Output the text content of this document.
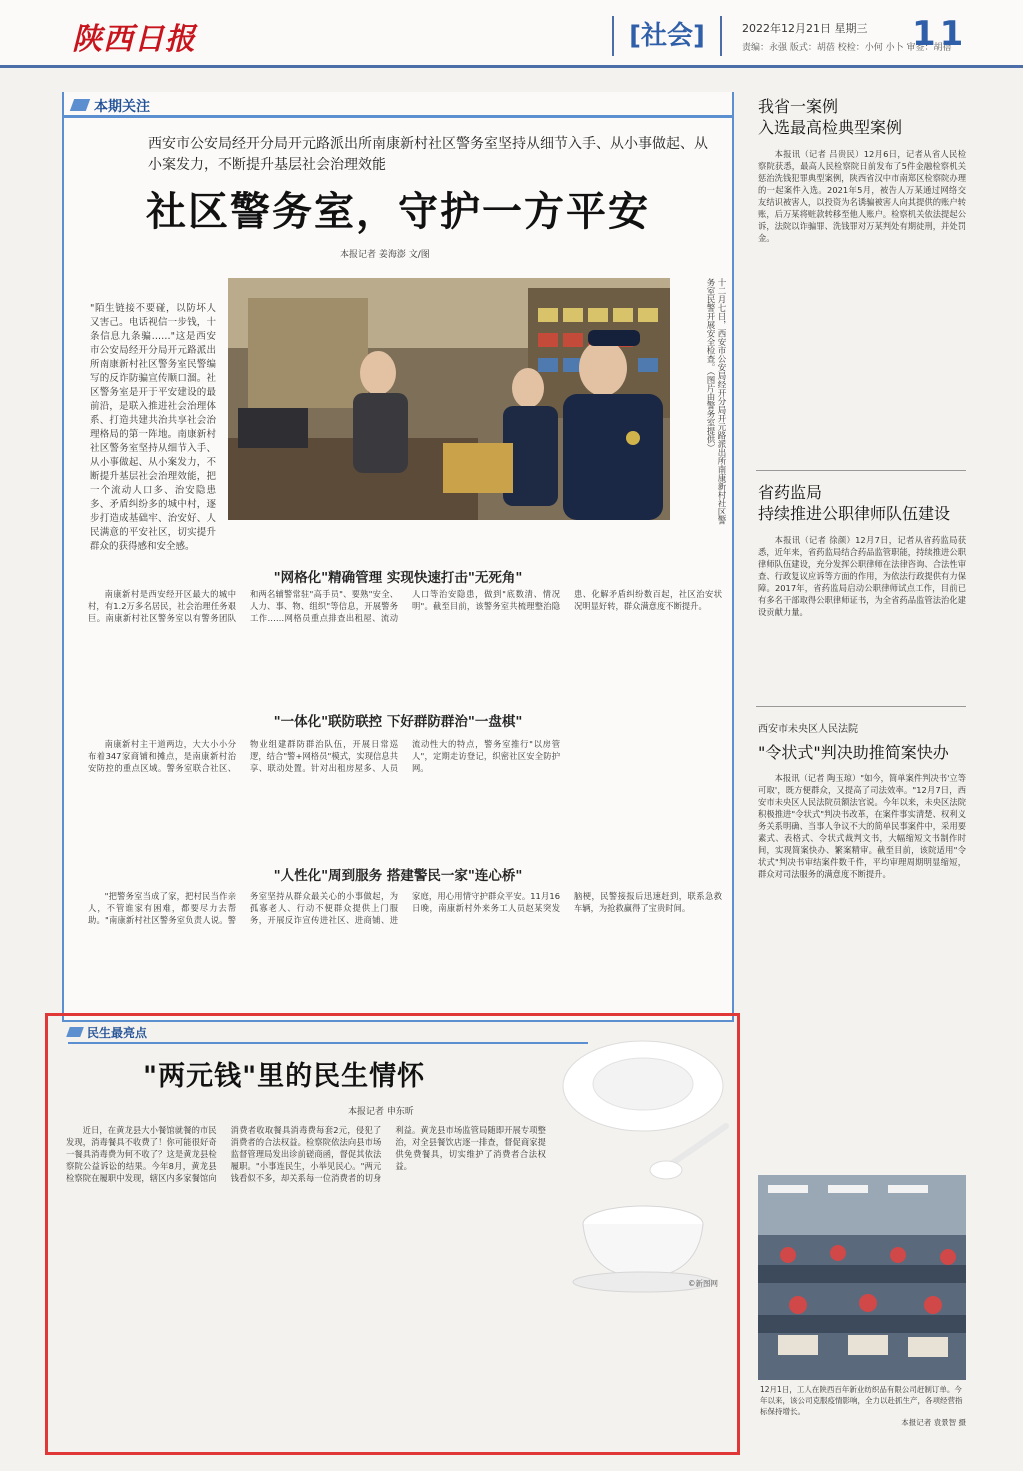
陕西日报	[社会]	2022年12月21日 星期三
责编：永强 版式：胡蓓 校检：小何 小卜 审签：胡蓓
11
本期关注
西安市公安局经开分局开元路派出所南康新村社区警务室坚持从细节入手、从小事做起、从小案发力，不断提升基层社会治理效能
社区警务室，守护一方平安
本报记者 姜海澎 文/图
"陌生链接不要碰，以防坏人又害己。电话视信一步钱，十条信息九条骗……"这是西安市公安局经开分局开元路派出所南康新村社区警务室民警编写的反诈防骗宣传顺口溜。社区警务室是开于平安建设的最前沿，是联入推进社会治理体系、打造共建共治共享社会治理格局的第一阵地。南康新村社区警务室坚持从细节入手、从小事做起、从小案发力，不断提升基层社会治理效能，把一个流动人口多、治安隐患多、矛盾纠纷多的城中村，逐步打造成基础牢、治安好、人民满意的平安社区，切实提升群众的获得感和安全感。
十二月七日，西安市公安局经开分局开元路派出所南康新村社区警务室民警开展安全检查。（图片由警务室提供）
"网格化"精确管理 实现快速打击"无死角"

南康新村是西安经开区最大的城中村，有1.2万多名居民，社会治理任务艰巨。南康新村社区警务室以有警务团队和两名辅警常驻"高手员"、要熟"安全、人力、事、物、组织"等信息，开展警务工作……网格员重点排查出租屋、流动人口等治安隐患，做到"底数清、情况明"。截至目前，该警务室共梳理整治隐患、化解矛盾纠纷数百起，社区治安状况明显好转，群众满意度不断提升。

"一体化"联防联控 下好群防群治"一盘棋"

南康新村主干道两边，大大小小分布着347家商铺和摊点，是南康新村治安防控的重点区域。警务室联合社区、物业组建群防群治队伍，开展日常巡逻，结合"警+网格员"模式，实现信息共享、联动处置。针对出租房屋多、人员流动性大的特点，警务室推行"以房管人"，定期走访登记，织密社区安全防护网。

"人性化"周到服务 搭建警民一家"连心桥"

"把警务室当成了家，把村民当作亲人，不管谁家有困难，都要尽力去帮助。"南康新村社区警务室负责人说。警务室坚持从群众最关心的小事做起，为孤寡老人、行动不便群众提供上门服务，开展反诈宣传进社区、进商铺、进家庭，用心用情守护群众平安。11月16日晚，南康新村外来务工人员赵某突发脑梗，民警接报后迅速赶到，联系急救车辆，为抢救赢得了宝贵时间。

民生最亮点
"两元钱"里的民生情怀
本报记者 申东昕
©新图网

近日，在黄龙县大小餐馆就餐的市民发现，消毒餐具不收费了！你可能很好奇一餐具消毒费为何不收了？这是黄龙县检察院公益诉讼的结果。今年8月，黄龙县检察院在履职中发现，辖区内多家餐馆向消费者收取餐具消毒费每套2元，侵犯了消费者的合法权益。检察院依法向县市场监督管理局发出诊前磋商函，督促其依法履职。"小事连民生，小举见民心。"两元钱看似不多，却关系每一位消费者的切身利益。黄龙县市场监管局随即开展专项整治，对全县餐饮店逐一排查，督促商家提供免费餐具，切实维护了消费者合法权益。

我省一案例
入选最高检典型案例

本报讯（记者 吕贵民）12月6日，记者从省人民检察院获悉，最高人民检察院日前发布了5件金融检察机关惩治洗钱犯罪典型案例，陕西省汉中市南郑区检察院办理的一起案件入选。2021年5月，被告人万某通过网络交友结识被害人，以投资为名诱骗被害人向其提供的账户转账，后万某将赃款转移至他人账户。检察机关依法提起公诉，法院以诈骗罪、洗钱罪对万某判处有期徒刑，并处罚金。

省药监局
持续推进公职律师队伍建设

本报讯（记者 徐颜）12月7日，记者从省药监局获悉，近年来，省药监局结合药品监管职能，持续推进公职律师队伍建设，充分发挥公职律师在法律咨询、合法性审查、行政复议应诉等方面的作用，为依法行政提供有力保障。2017年，省药监局启动公职律师试点工作，目前已有多名干部取得公职律师证书，为全省药品监管法治化建设贡献力量。

西安市未央区人民法院
"令状式"判决助推简案快办

本报讯（记者 陶玉琼）"如今，简单案件判决书'立等可取'，既方便群众，又提高了司法效率。"12月7日，西安市未央区人民法院员额法官说。今年以来，未央区法院积极推进"令状式"判决书改革，在案件事实清楚、权利义务关系明确、当事人争议不大的简单民事案件中，采用要素式、表格式、令状式裁判文书，大幅缩短文书制作时间，实现简案快办、繁案精审。截至目前，该院适用"令状式"判决书审结案件数千件，平均审理周期明显缩短，群众对司法服务的满意度不断提升。

12月1日，工人在陕西百年新业纺织品有限公司赶制订单。今年以来，该公司克服疫情影响，全力以赴抓生产，各项经营指标保持增长。
本报记者 袁景智 摄
